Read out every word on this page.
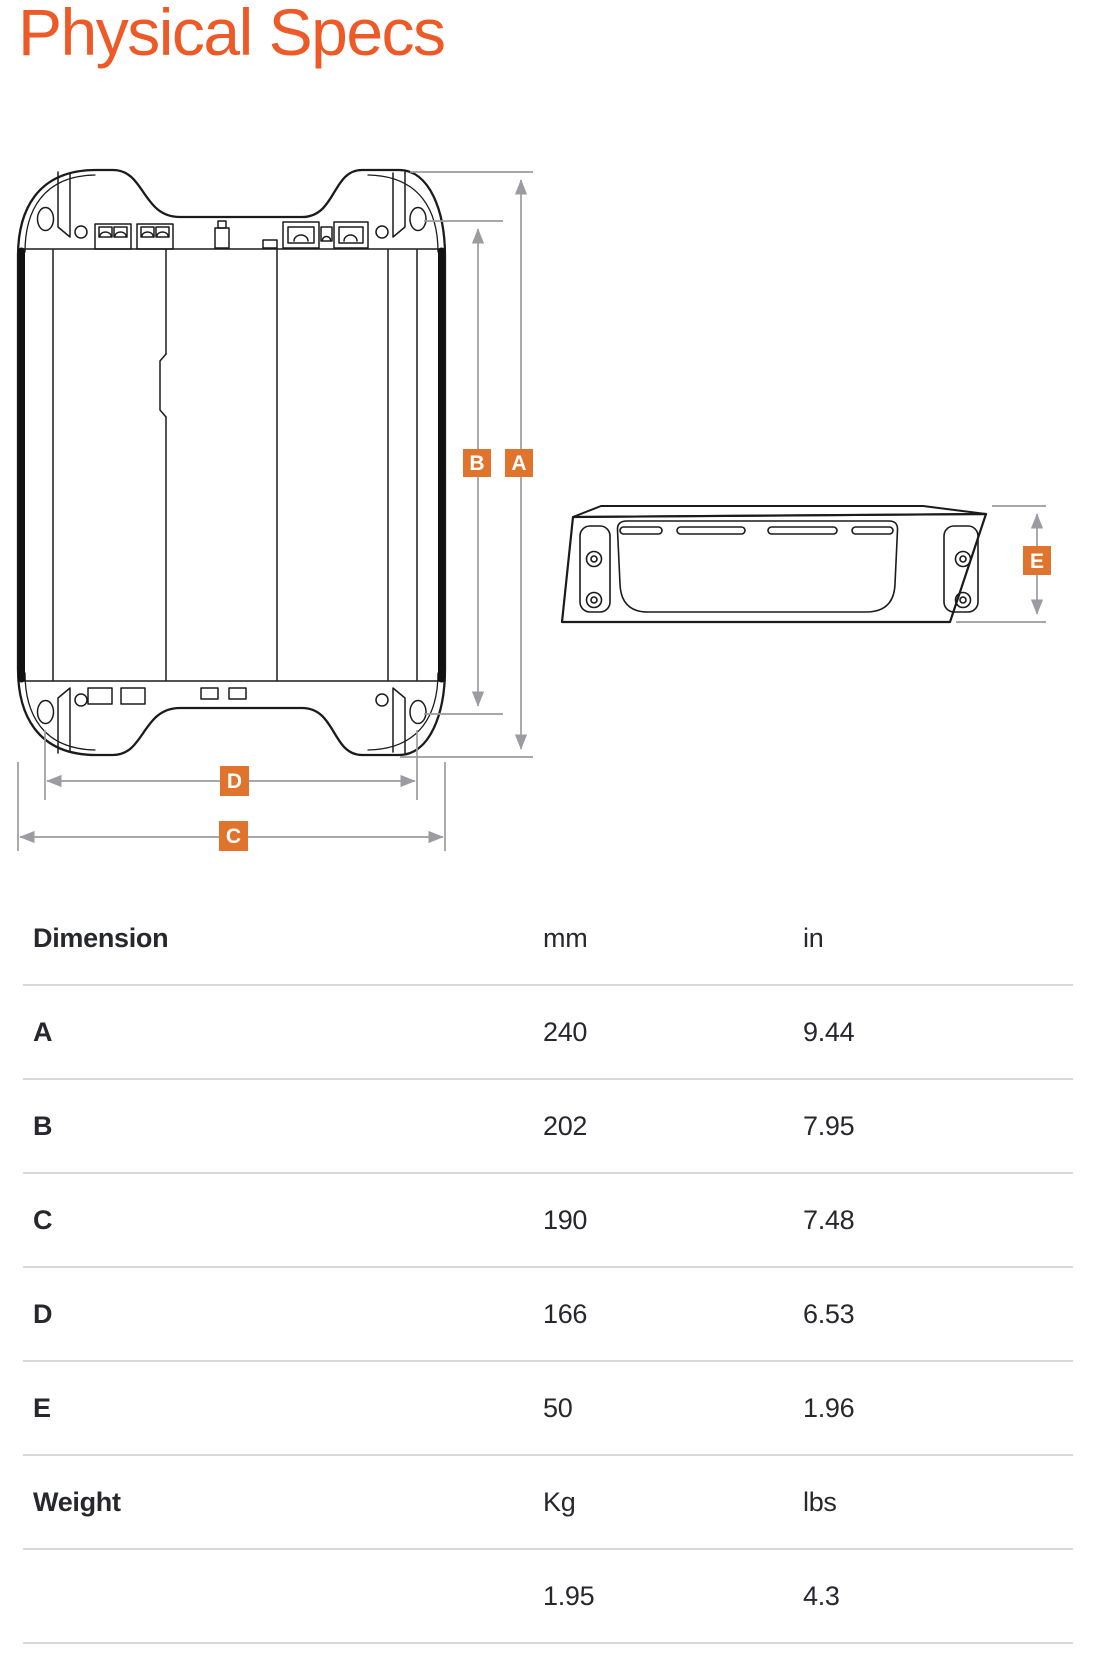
Physical Specs
B A
D
C
E
Dimension	mm	in
A	240	9.44
B	202	7.95
C	190	7.48
D	166	6.53
E	50	1.96
Weight	Kg	lbs
	1.95	4.3
